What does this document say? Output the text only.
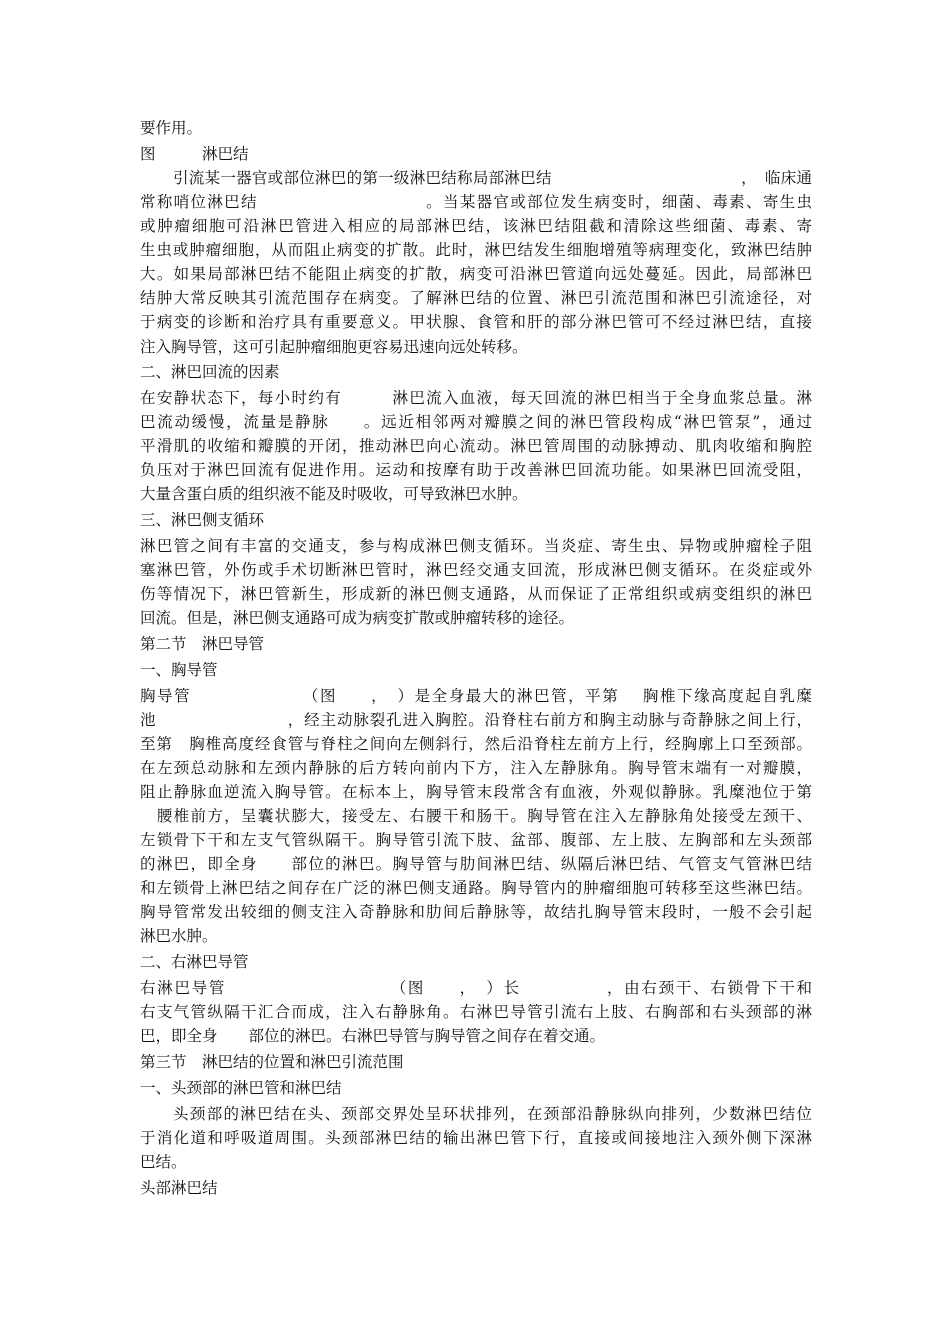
要作用。
图　　　淋巴结
引流某一器官或部位淋巴的第一级淋巴结称局部淋巴结　　　　　　　　　　　　，　临床通
常称哨位淋巴结　　　　　　　　　　。当某器官或部位发生病变时，细菌、毒素、寄生虫
或肿瘤细胞可沿淋巴管进入相应的局部淋巴结，该淋巴结阻截和清除这些细菌、毒素、寄
生虫或肿瘤细胞，从而阻止病变的扩散。此时，淋巴结发生细胞增殖等病理变化，致淋巴结肿
大。如果局部淋巴结不能阻止病变的扩散，病变可沿淋巴管道向远处蔓延。因此，局部淋巴
结肿大常反映其引流范围存在病变。了解淋巴结的位置、淋巴引流范围和淋巴引流途径，对
于病变的诊断和治疗具有重要意义。甲状腺、食管和肝的部分淋巴管可不经过淋巴结，直接
注入胸导管，这可引起肿瘤细胞更容易迅速向远处转移。
二、淋巴回流的因素
在安静状态下，每小时约有　　　淋巴流入血液，每天回流的淋巴相当于全身血浆总量。淋
巴流动缓慢，流量是静脉　　。远近相邻两对瓣膜之间的淋巴管段构成“淋巴管泵”，通过
平滑肌的收缩和瓣膜的开闭，推动淋巴向心流动。淋巴管周围的动脉搏动、肌肉收缩和胸腔
负压对于淋巴回流有促进作用。运动和按摩有助于改善淋巴回流功能。如果淋巴回流受阻，
大量含蛋白质的组织液不能及时吸收，可导致淋巴水肿。
三、淋巴侧支循环
淋巴管之间有丰富的交通支，参与构成淋巴侧支循环。当炎症、寄生虫、异物或肿瘤栓子阻
塞淋巴管，外伤或手术切断淋巴管时，淋巴经交通支回流，形成淋巴侧支循环。在炎症或外
伤等情况下，淋巴管新生，形成新的淋巴侧支通路，从而保证了正常组织或病变组织的淋巴
回流。但是，淋巴侧支通路可成为病变扩散或肿瘤转移的途径。
第二节　淋巴导管
一、胸导管
胸导管　　　　　　　（图　　，　）是全身最大的淋巴管，平第　 胸椎下缘高度起自乳糜
池　　　　　　　　，经主动脉裂孔进入胸腔。沿脊柱右前方和胸主动脉与奇静脉之间上行，
至第　胸椎高度经食管与脊柱之间向左侧斜行，然后沿脊柱左前方上行，经胸廓上口至颈部。
在左颈总动脉和左颈内静脉的后方转向前内下方，注入左静脉角。胸导管末端有一对瓣膜，
阻止静脉血逆流入胸导管。在标本上，胸导管末段常含有血液，外观似静脉。乳糜池位于第
　腰椎前方，呈囊状膨大，接受左、右腰干和肠干。胸导管在注入左静脉角处接受左颈干、
左锁骨下干和左支气管纵隔干。胸导管引流下肢、盆部、腹部、左上肢、左胸部和左头颈部
的淋巴，即全身　　部位的淋巴。胸导管与肋间淋巴结、纵隔后淋巴结、气管支气管淋巴结
和左锁骨上淋巴结之间存在广泛的淋巴侧支通路。胸导管内的肿瘤细胞可转移至这些淋巴结。
胸导管常发出较细的侧支注入奇静脉和肋间后静脉等，故结扎胸导管末段时，一般不会引起
淋巴水肿。
二、右淋巴导管
右淋巴导管　　　　　　　　　　（图　　，　）长　　　　　，由右颈干、右锁骨下干和
右支气管纵隔干汇合而成，注入右静脉角。右淋巴导管引流右上肢、右胸部和右头颈部的淋
巴，即全身　　部位的淋巴。右淋巴导管与胸导管之间存在着交通。
第三节　淋巴结的位置和淋巴引流范围
一、头颈部的淋巴管和淋巴结
头颈部的淋巴结在头、颈部交界处呈环状排列，在颈部沿静脉纵向排列，少数淋巴结位
于消化道和呼吸道周围。头颈部淋巴结的输出淋巴管下行，直接或间接地注入颈外侧下深淋
巴结。
头部淋巴结
